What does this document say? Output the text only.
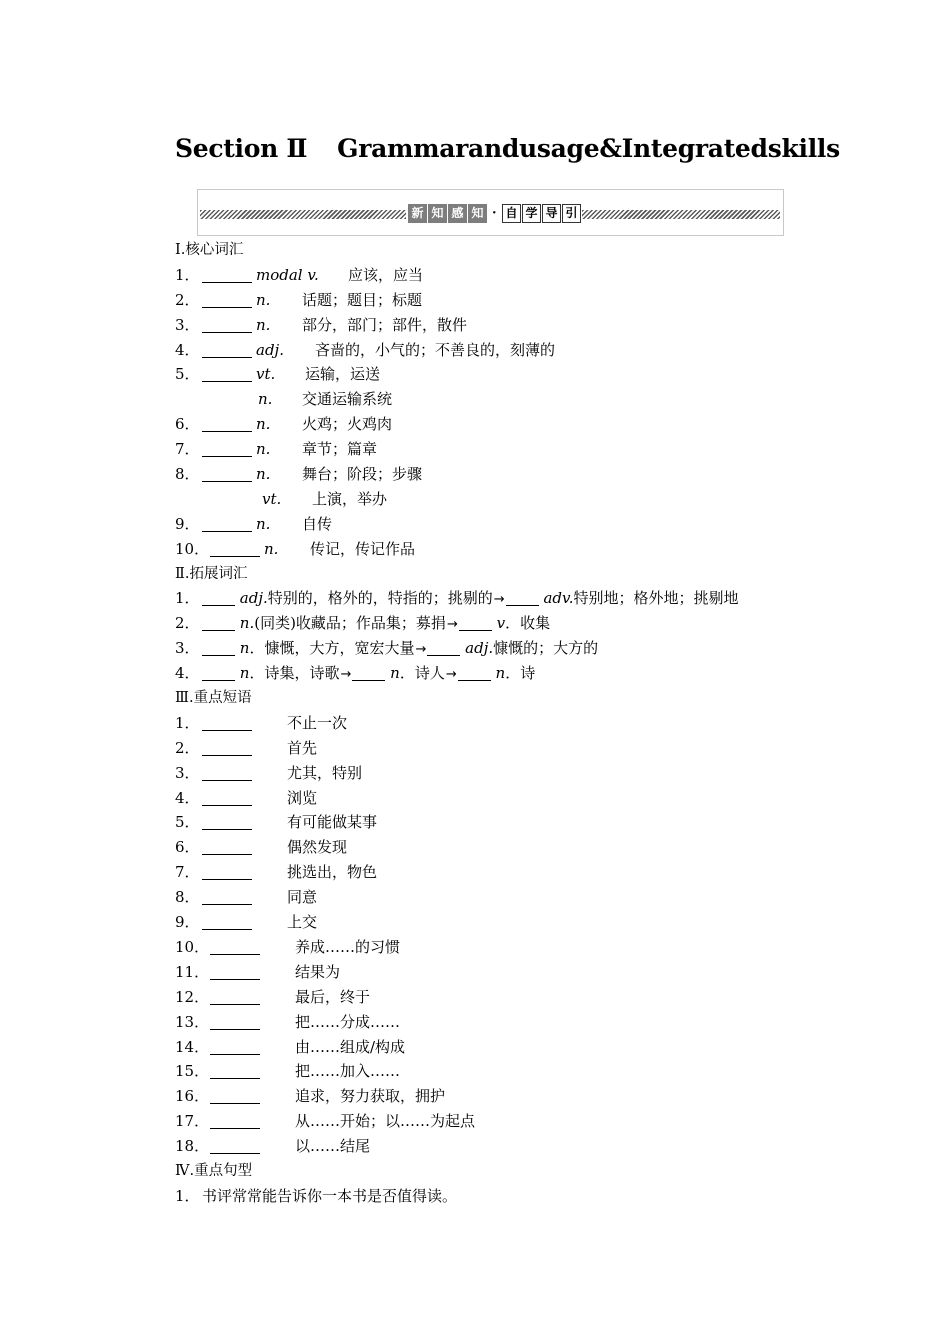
Section Ⅱ Grammarandusage&Integratedskills
新 知 感 知 · 自 学 导 引
Ⅰ.核心词汇
1．	modal v. 应该，应当
2．	n. 话题；题目；标题
3．	n. 部分，部门；部件，散件
4．	adj. 吝啬的，小气的；不善良的，刻薄的
5．	vt. 运输，运送
n. 交通运输系统
6．	n. 火鸡；火鸡肉
7．	n. 章节；篇章
8．	n. 舞台；阶段；步骤
vt. 上演，举办
9．	n. 自传
10．	n. 传记，传记作品
Ⅱ.拓展词汇
1．	adj.特别的，格外的，特指的；挑剔的→	adv.特别地；格外地；挑剔地
2．	n.(同类)收藏品；作品集；募捐→	v．收集
3．	n．慷慨，大方，宽宏大量→	adj.慷慨的；大方的
4．	n．诗集，诗歌→	n．诗人→	n．诗
Ⅲ.重点短语
1．	不止一次
2．	首先
3．	尤其，特别
4．	浏览
5．	有可能做某事
6．	偶然发现
7．	挑选出，物色
8．	同意
9．	上交
10．	养成……的习惯
11．	结果为
12．	最后，终于
13．	把……分成……
14．	由……组成/构成
15．	把……加入……
16．	追求，努力获取，拥护
17．	从……开始；以……为起点
18．	以……结尾
Ⅳ.重点句型
1． 书评常常能告诉你一本书是否值得读。
